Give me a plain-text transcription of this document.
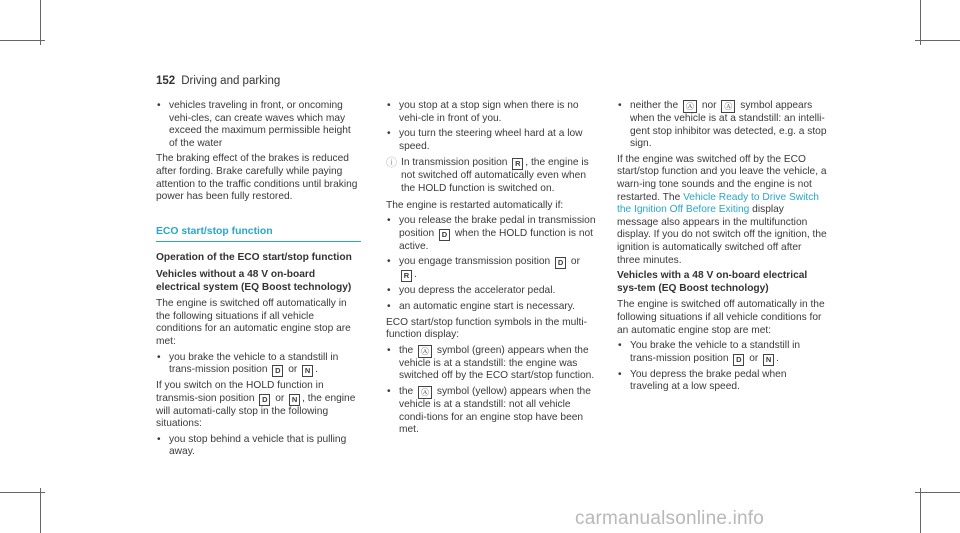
152 Driving and parking
• vehicles traveling in front, or oncoming vehi-cles, can create waves which may exceed the maximum permissible height of the water

The braking effect of the brakes is reduced after fording. Brake carefully while paying attention to the traffic conditions until braking power has been fully restored.

ECO start/stop function
Operation of the ECO start/stop function
Vehicles without a 48 V on-board electrical system (EQ Boost technology)

The engine is switched off automatically in the following situations if all vehicle conditions for an automatic engine stop are met:

• you brake the vehicle to a standstill in trans-mission position D or N .

If you switch on the HOLD function in transmis-sion position D or N , the engine will automati-cally stop in the following situations:

• you stop behind a vehicle that is pulling away.
• you stop at a stop sign when there is no vehi-cle in front of you.
• you turn the steering wheel hard at a low speed.
ⓘ In transmission position R , the engine is not switched off automatically even when the HOLD function is switched on.

The engine is restarted automatically if:

• you release the brake pedal in transmission position D when the HOLD function is not active.
• you engage transmission position D or R .
• you depress the accelerator pedal.
• an automatic engine start is necessary.

ECO start/stop function symbols in the multi-function display:

• the Ⓐ symbol (green) appears when the vehicle is at a standstill: the engine was switched off by the ECO start/stop function.
• the Ⓐ symbol (yellow) appears when the vehicle is at a standstill: not all vehicle condi-tions for an engine stop have been met.
• neither the Ⓐ nor Ⓐ symbol appears when the vehicle is at a standstill: an intelli-gent stop inhibitor was detected, e.g. a stop sign.

If the engine was switched off by the ECO start/stop function and you leave the vehicle, a warn-ing tone sounds and the engine is not restarted. The Vehicle Ready to Drive Switch the Ignition Off Before Exiting display message also appears in the multifunction display. If you do not switch off the ignition, the ignition is automatically switched off after three minutes.

Vehicles with a 48 V on-board electrical sys-tem (EQ Boost technology)

The engine is switched off automatically in the following situations if all vehicle conditions for an automatic engine stop are met:

• You brake the vehicle to a standstill in trans-mission position D or N .
• You depress the brake pedal when traveling at a low speed.
carmanualsonline.info
